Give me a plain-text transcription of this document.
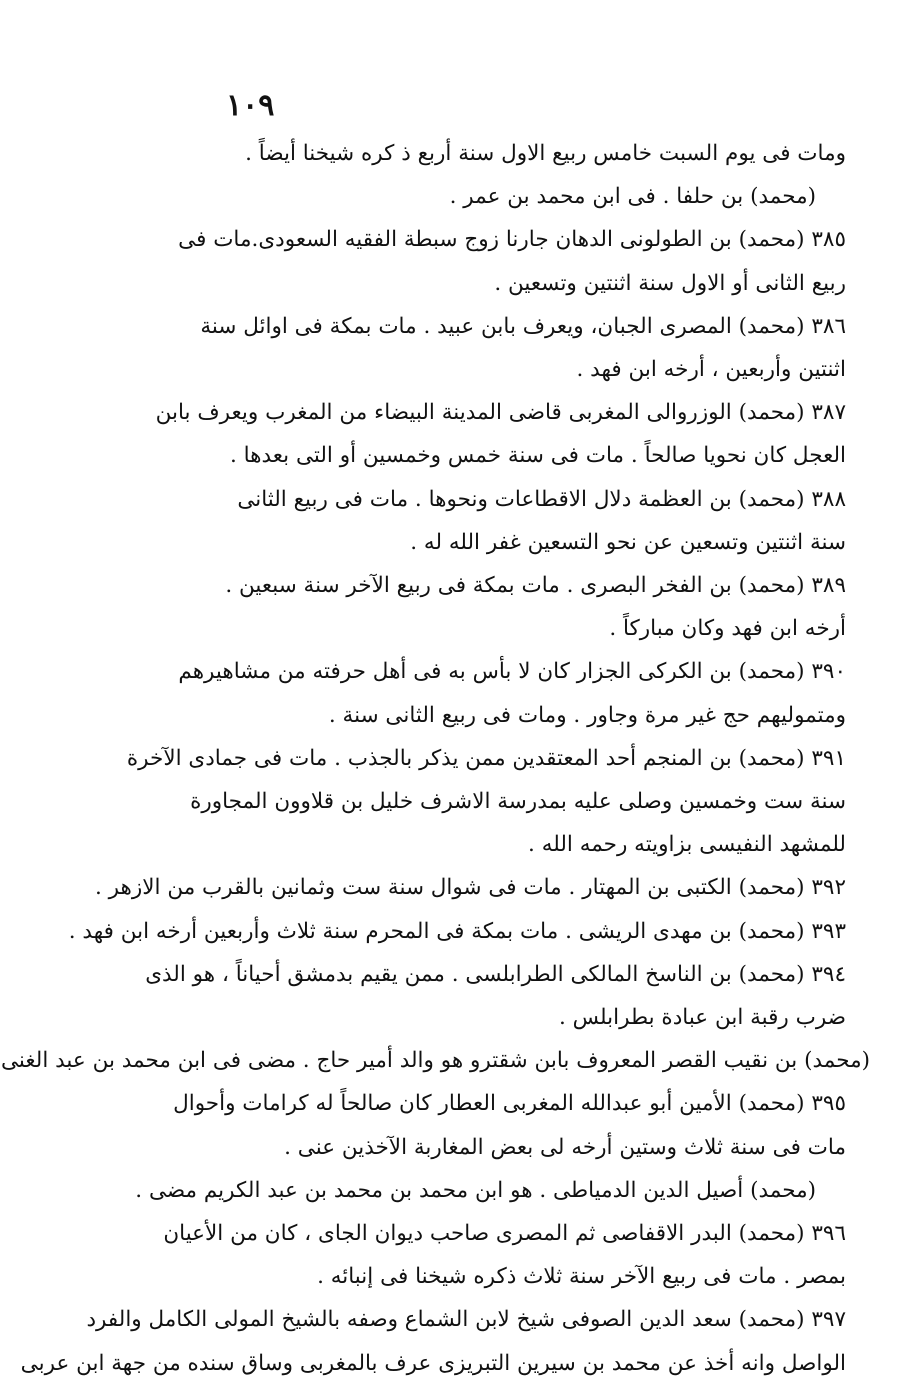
١٠٩
ومات فى يوم السبت خامس ربيع الاول سنة أربع ذ كره شيخنا أيضاً .
(محمد) بن حلفا . فى ابن محمد بن عمر .
٣٨٥ (محمد) بن الطولونى الدهان جارنا زوج سبطة الفقيه السعودى.مات فى
ربيع الثانى أو الاول سنة اثنتين وتسعين .
٣٨٦ (محمد) المصرى الجبان، ويعرف بابن عبيد . مات بمكة فى اوائل سنة
اثنتين وأربعين ، أرخه ابن فهد .
٣٨٧ (محمد) الوزروالى المغربى قاضى المدينة البيضاء من المغرب ويعرف بابن
العجل كان نحويا صالحاً . مات فى سنة خمس وخمسين أو التى بعدها .
٣٨٨ (محمد) بن العظمة دلال الاقطاعات ونحوها . مات فى ربيع الثانى
سنة اثنتين وتسعين عن نحو التسعين غفر الله له .
٣٨٩ (محمد) بن الفخر البصرى . مات بمكة فى ربيع الآخر سنة سبعين .
أرخه ابن فهد وكان مباركاً .
٣٩٠ (محمد) بن الكركى الجزار كان لا بأس به فى أهل حرفته من مشاهيرهم
ومتموليهم حج غير مرة وجاور . ومات فى ربيع الثانى سنة .
٣٩١ (محمد) بن المنجم أحد المعتقدين ممن يذكر بالجذب . مات فى جمادى الآخرة
سنة ست وخمسين وصلى عليه بمدرسة الاشرف خليل بن قلاوون المجاورة
للمشهد النفيسى بزاويته رحمه الله .
٣٩٢ (محمد) الكتبى بن المهتار . مات فى شوال سنة ست وثمانين بالقرب من الازهر .
٣٩٣ (محمد) بن مهدى الريشى . مات بمكة فى المحرم سنة ثلاث وأربعين أرخه ابن فهد .
٣٩٤ (محمد) بن الناسخ المالكى الطرابلسى . ممن يقيم بدمشق أحياناً ، هو الذى
ضرب رقبة ابن عبادة بطرابلس .
(محمد) بن نقيب القصر المعروف بابن شقترو هو والد أمير حاج . مضى فى ابن محمد بن عبد الغنى
٣٩٥ (محمد) الأمين أبو عبدالله المغربى العطار كان صالحاً له كرامات وأحوال
مات فى سنة ثلاث وستين أرخه لى بعض المغاربة الآخذين عنى .
(محمد) أصيل الدين الدمياطى . هو ابن محمد بن محمد بن عبد الكريم مضى .
٣٩٦ (محمد) البدر الاقفاصى ثم المصرى صاحب ديوان الجاى ، كان من الأعيان
بمصر . مات فى ربيع الآخر سنة ثلاث ذكره شيخنا فى إنبائه .
٣٩٧ (محمد) سعد الدين الصوفى شيخ لابن الشماع وصفه بالشيخ المولى الكامل والفرد
الواصل وانه أخذ عن محمد بن سيرين التبريزى عرف بالمغربى وساق سنده من جهة ابن عربى
